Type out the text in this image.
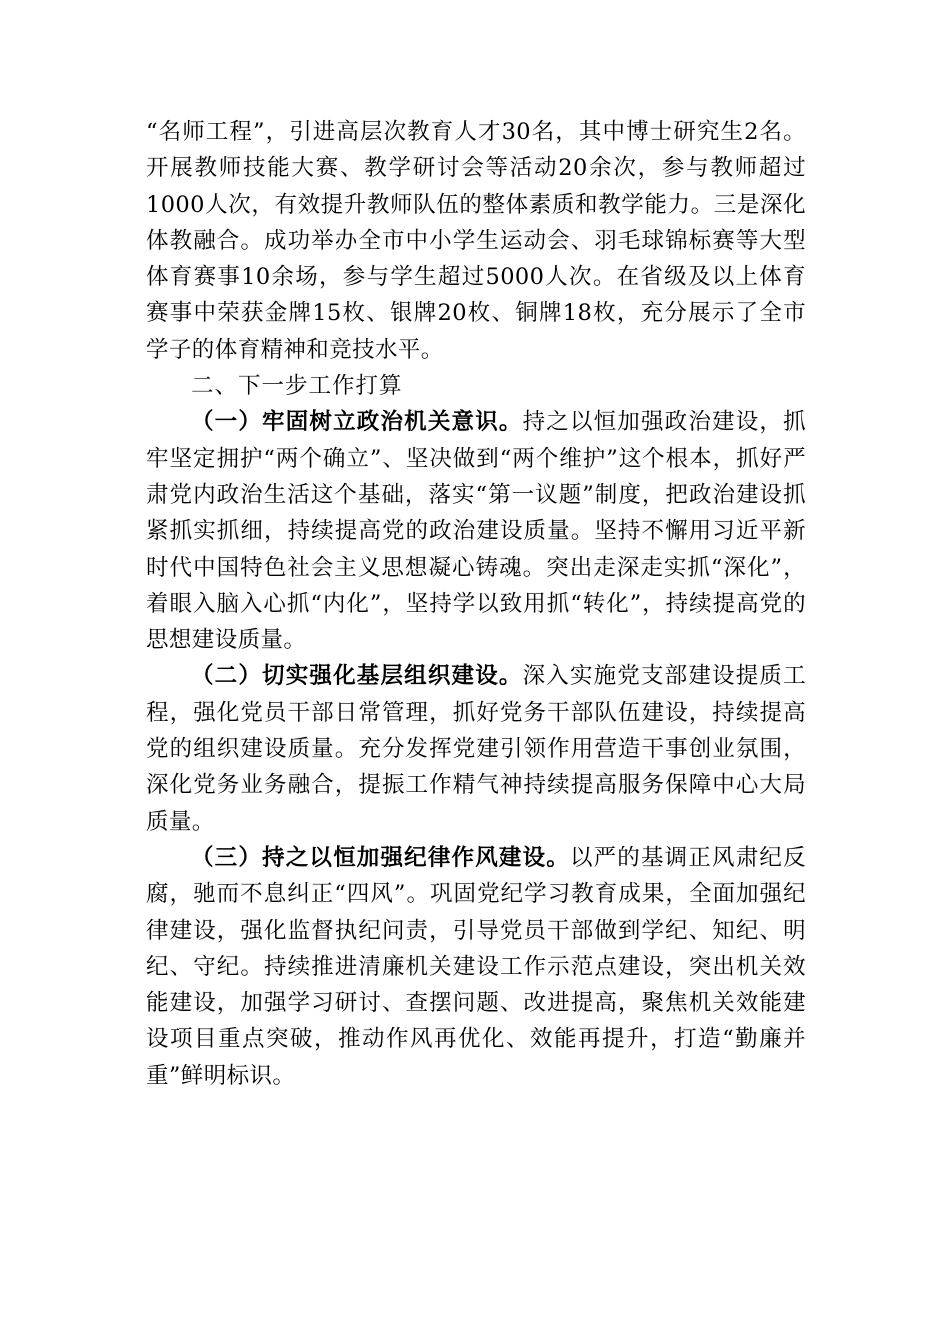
“名师工程”，引进高层次教育人才30名，其中博士研究生2名。开展教师技能大赛、教学研讨会等活动20余次，参与教师超过1000人次，有效提升教师队伍的整体素质和教学能力。三是深化体教融合。成功举办全市中小学生运动会、羽毛球锦标赛等大型体育赛事10余场，参与学生超过5000人次。在省级及以上体育赛事中荣获金牌15枚、银牌20枚、铜牌18枚，充分展示了全市学子的体育精神和竞技水平。

二、下一步工作打算

（一）牢固树立政治机关意识。持之以恒加强政治建设，抓牢坚定拥护“两个确立”、坚决做到“两个维护”这个根本，抓好严肃党内政治生活这个基础，落实“第一议题”制度，把政治建设抓紧抓实抓细，持续提高党的政治建设质量。坚持不懈用习近平新时代中国特色社会主义思想凝心铸魂。突出走深走实抓“深化”，着眼入脑入心抓“内化”，坚持学以致用抓“转化”，持续提高党的思想建设质量。

（二）切实强化基层组织建设。深入实施党支部建设提质工程，强化党员干部日常管理，抓好党务干部队伍建设，持续提高党的组织建设质量。充分发挥党建引领作用营造干事创业氛围，深化党务业务融合，提振工作精气神持续提高服务保障中心大局质量。

（三）持之以恒加强纪律作风建设。以严的基调正风肃纪反腐，驰而不息纠正“四风”。巩固党纪学习教育成果，全面加强纪律建设，强化监督执纪问责，引导党员干部做到学纪、知纪、明纪、守纪。持续推进清廉机关建设工作示范点建设，突出机关效能建设，加强学习研讨、查摆问题、改进提高，聚焦机关效能建设项目重点突破，推动作风再优化、效能再提升，打造“勤廉并重”鲜明标识。
